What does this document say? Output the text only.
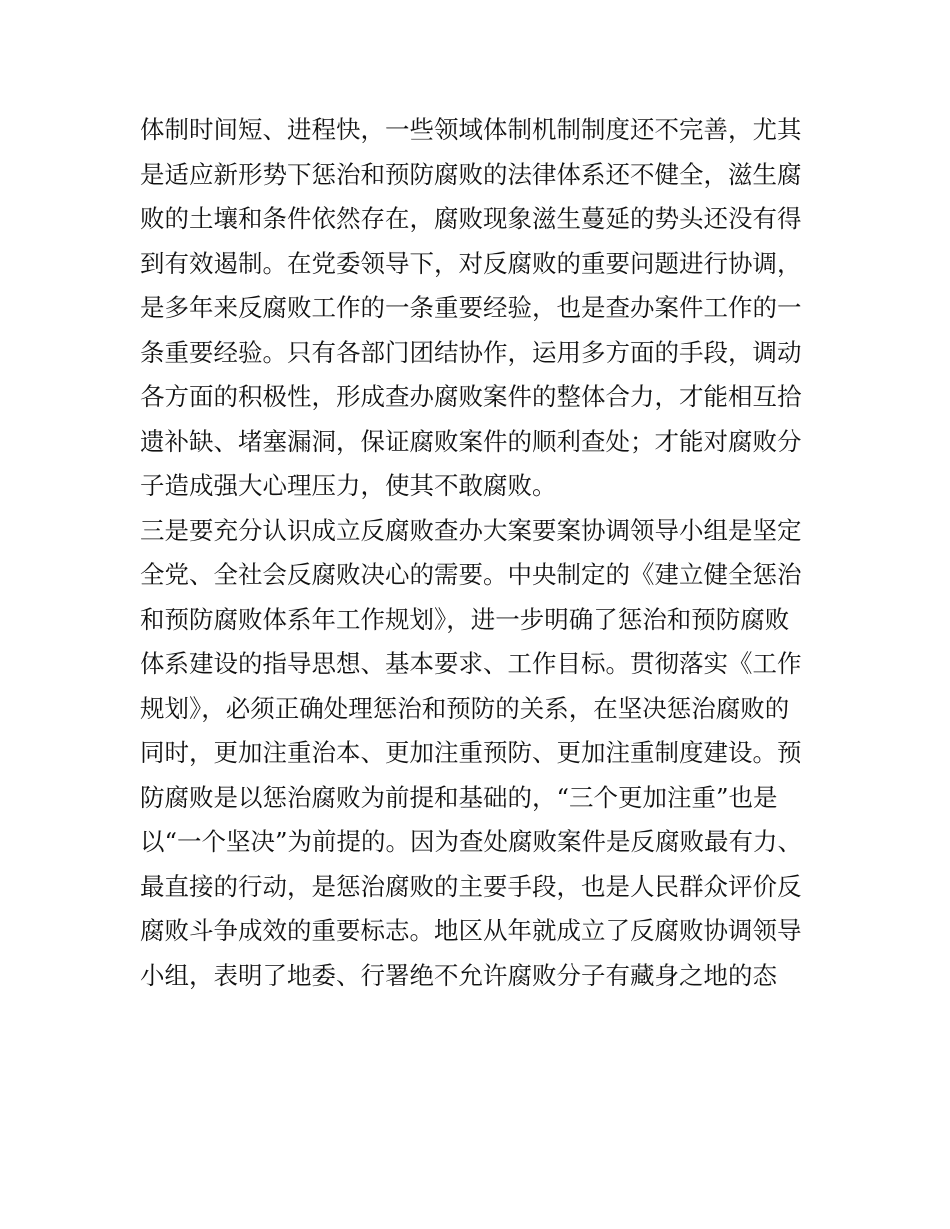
体制时间短、进程快，一些领域体制机制制度还不完善，尤其
是适应新形势下惩治和预防腐败的法律体系还不健全，滋生腐
败的土壤和条件依然存在，腐败现象滋生蔓延的势头还没有得
到有效遏制。在党委领导下，对反腐败的重要问题进行协调，
是多年来反腐败工作的一条重要经验，也是查办案件工作的一
条重要经验。只有各部门团结协作，运用多方面的手段，调动
各方面的积极性，形成查办腐败案件的整体合力，才能相互拾
遗补缺、堵塞漏洞，保证腐败案件的顺利查处；才能对腐败分
子造成强大心理压力，使其不敢腐败。
三是要充分认识成立反腐败查办大案要案协调领导小组是坚定
全党、全社会反腐败决心的需要。中央制定的《建立健全惩治
和预防腐败体系年工作规划》，进一步明确了惩治和预防腐败
体系建设的指导思想、基本要求、工作目标。贯彻落实《工作
规划》，必须正确处理惩治和预防的关系，在坚决惩治腐败的
同时，更加注重治本、更加注重预防、更加注重制度建设。预
防腐败是以惩治腐败为前提和基础的，“三个更加注重”也是
以“一个坚决”为前提的。因为查处腐败案件是反腐败最有力、
最直接的行动，是惩治腐败的主要手段，也是人民群众评价反
腐败斗争成效的重要标志。地区从年就成立了反腐败协调领导
小组，表明了地委、行署绝不允许腐败分子有藏身之地的态
